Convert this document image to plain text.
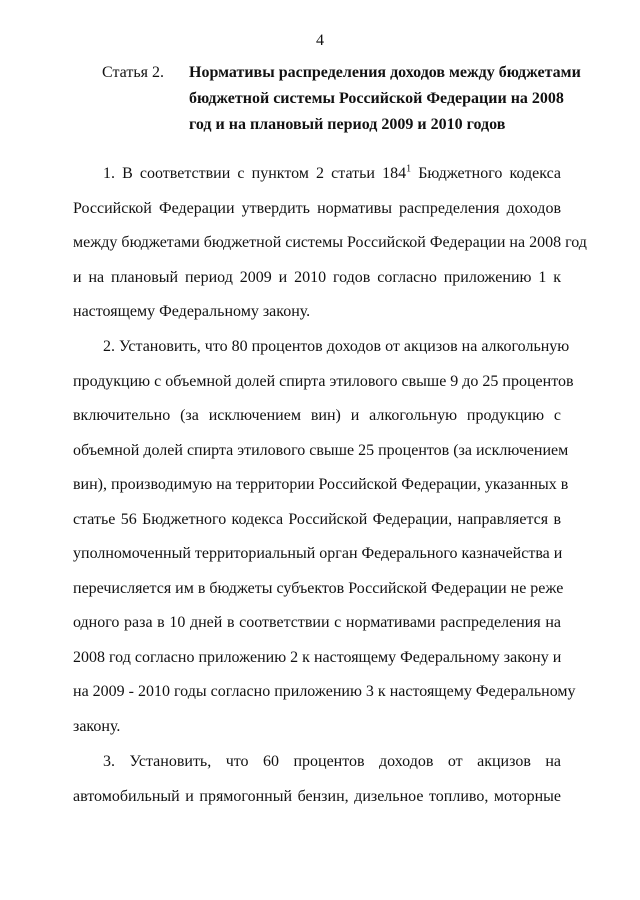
4
Статья 2. Нормативы распределения доходов между бюджетами
бюджетной системы Российской Федерации на 2008
год и на плановый период 2009 и 2010 годов
1. В соответствии с пунктом 2 статьи $184^1$ Бюджетного кодекса
Российской Федерации утвердить нормативы распределения доходов
между бюджетами бюджетной системы Российской Федерации на 2008 год
и на плановый период 2009 и 2010 годов согласно приложению 1 к
настоящему Федеральному закону.
2. Установить, что 80 процентов доходов от акцизов на алкогольную
продукцию с объемной долей спирта этилового свыше 9 до 25 процентов
включительно (за исключением вин) и алкогольную продукцию с
объемной долей спирта этилового свыше 25 процентов (за исключением
вин), производимую на территории Российской Федерации, указанных в
статье 56 Бюджетного кодекса Российской Федерации, направляется в
уполномоченный территориальный орган Федерального казначейства и
перечисляется им в бюджеты субъектов Российской Федерации не реже
одного раза в 10 дней в соответствии с нормативами распределения на
2008 год согласно приложению 2 к настоящему Федеральному закону и
на 2009 - 2010 годы согласно приложению 3 к настоящему Федеральному
закону.
3. Установить, что 60 процентов доходов от акцизов на
автомобильный и прямогонный бензин, дизельное топливо, моторные
